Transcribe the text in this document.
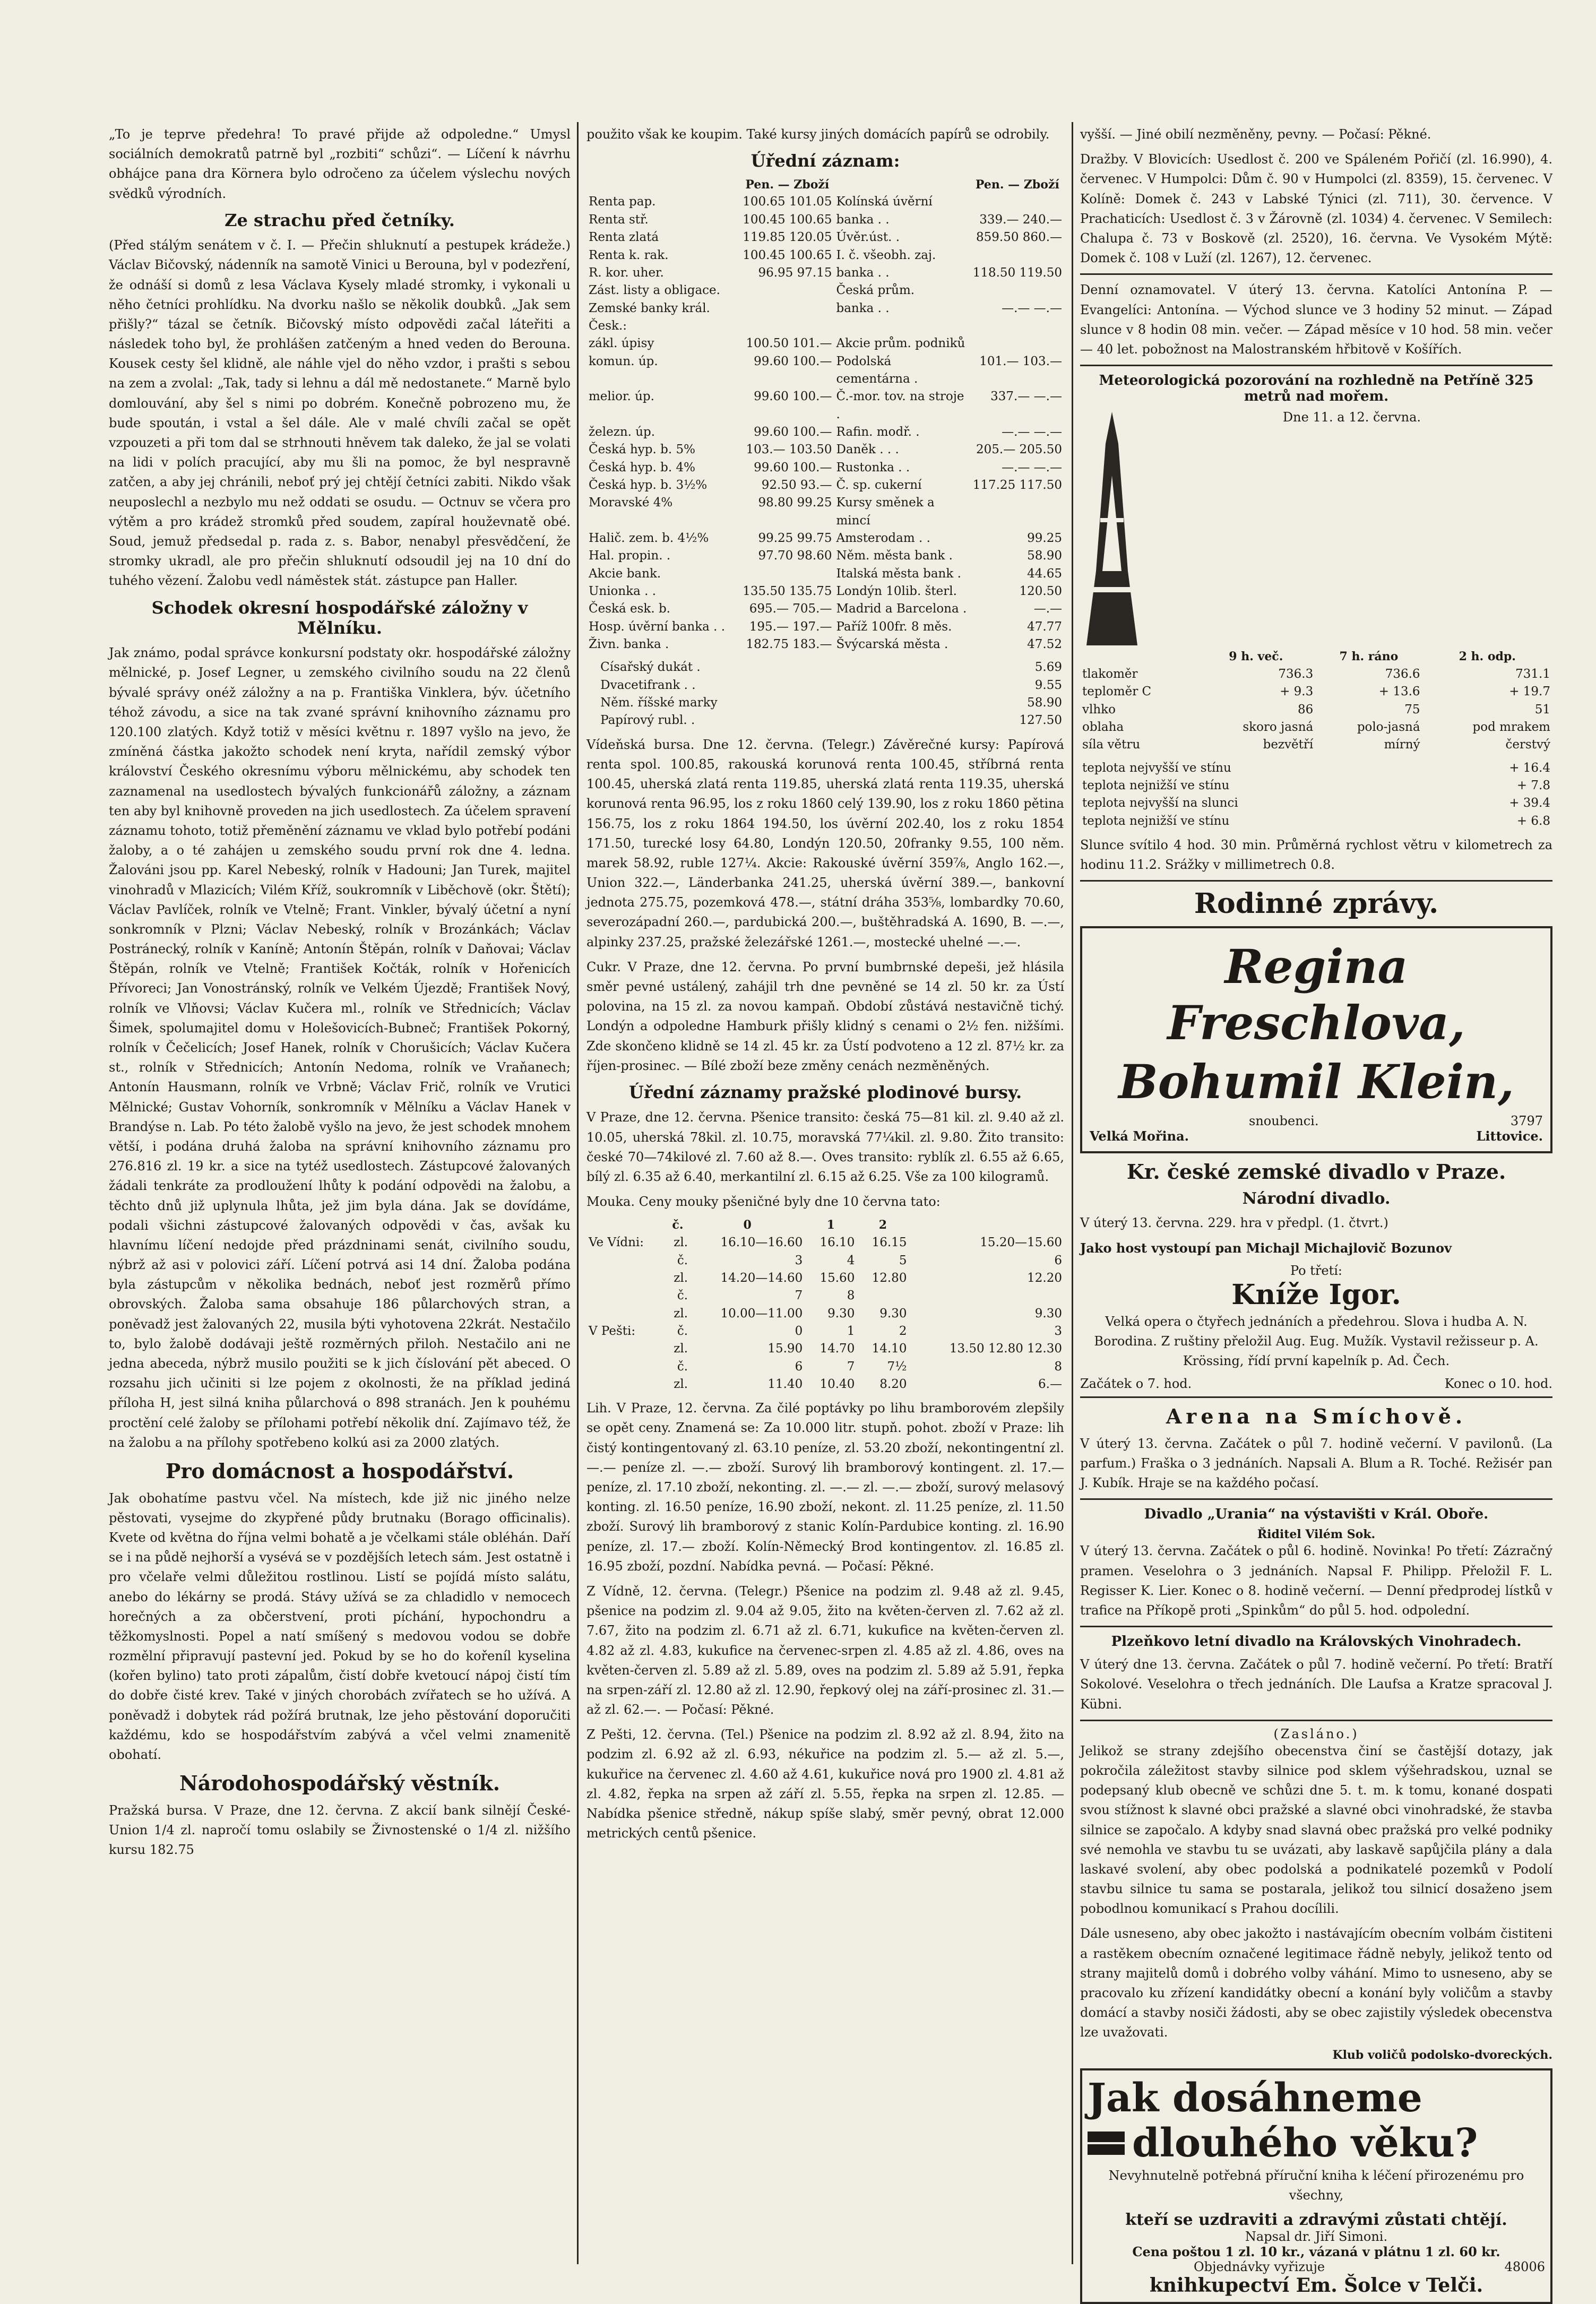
„To je teprve předehra! To pravé přijde až odpoledne.“ Umysl sociálních demokratů patrně byl „rozbiti“ schůzi“. — Líčení k návrhu obhájce pana dra Körnera bylo odročeno za účelem výslechu nových svědků výrodních.

Ze strachu před četníky.

(Před stálým senátem v č. I. — Přečin shluknutí a pestupek krádeže.) Václav Bičovský, nádenník na samotě Vinici u Berouna, byl v podezření, že odnáší si domů z lesa Václava Kysely mladé stromky, i vykonali u něho četníci prohlídku. Na dvorku našlo se několik doubků. „Jak sem přišly?“ tázal se četník. Bičovský místo odpovědi začal láteřiti a následek toho byl, že prohlášen zatčeným a hned veden do Berouna. Kousek cesty šel klidně, ale náhle vjel do něho vzdor, i prašti s sebou na zem a zvolal: „Tak, tady si lehnu a dál mě nedostanete.“ Marně bylo domlouvání, aby šel s nimi po dobrém. Konečně pobrozeno mu, že bude spoután, i vstal a šel dále. Ale v malé chvíli začal se opět vzpouzeti a při tom dal se strhnouti hněvem tak daleko, že jal se volati na lidi v polích pracující, aby mu šli na pomoc, že byl nespravně zatčen, a aby jej chránili, neboť prý jej chtějí četníci zabiti. Nikdo však neuposlechl a nezbylo mu než oddati se osudu. — Octnuv se včera pro výtěm a pro krádež stromků před soudem, zapíral houževnatě obé. Soud, jemuž předsedal p. rada z. s. Babor, nenabyl přesvědčení, že stromky ukradl, ale pro přečin shluknutí odsoudil jej na 10 dní do tuhého vězení. Žalobu vedl náměstek stát. zástupce pan Haller.

Schodek okresní hospodářské záložny v Mělníku.

Jak známo, podal správce konkursní podstaty okr. hospodářské záložny mělnické, p. Josef Legner, u zemského civilního soudu na 22 členů bývalé správy onéž záložny a na p. Františka Vinklera, býv. účetního téhož závodu, a sice na tak zvané správní knihovního záznamu pro 120.100 zlatých. Když totiž v měsíci květnu r. 1897 vyšlo na jevo, že zmíněná částka jakožto schodek není kryta, nařídil zemský výbor království Českého okresnímu výboru mělnickému, aby schodek ten zaznamenal na usedlostech bývalých funkcionářů záložny, a záznam ten aby byl knihovně proveden na jich usedlostech. Za účelem spravení záznamu tohoto, totiž přeměnění záznamu ve vklad bylo potřebí podáni žaloby, a o té zahájen u zemského soudu první rok dne 4. ledna. Žalováni jsou pp. Karel Nebeský, rolník v Hadouni; Jan Turek, majitel vinohradů v Mlazicích; Vilém Kříž, soukromník v Liběchově (okr. Štětí); Václav Pavlíček, rolník ve Vtelně; Frant. Vinkler, bývalý účetní a nyní sonkromník v Plzni; Václav Nebeský, rolník v Brozánkách; Václav Postránecký, rolník v Kaníně; Antonín Štěpán, rolník v Daňovai; Václav Štěpán, rolník ve Vtelně; František Kočták, rolník v Hořenicích Přívoreci; Jan Vonostránský, rolník ve Velkém Újezdě; František Nový, rolník ve Vlňovsi; Václav Kučera ml., rolník ve Střednicích; Václav Šimek, spolumajitel domu v Holešovicích-Bubneč; František Pokorný, rolník v Čečelicích; Josef Hanek, rolník v Chorušicích; Václav Kučera st., rolník v Střednicích; Antonín Nedoma, rolník ve Vraňanech; Antonín Hausmann, rolník ve Vrbně; Václav Frič, rolník ve Vrutici Mělnické; Gustav Vohorník, sonkromník v Mělníku a Václav Hanek v Brandýse n. Lab. Po této žalobě vyšlo na jevo, že jest schodek mnohem větší, i podána druhá žaloba na správní knihovního záznamu pro 276.816 zl. 19 kr. a sice na tytéž usedlostech. Zástupcové žalovaných žádali tenkráte za prodloužení lhůty k podání odpovědi na žalobu, a těchto dnů již uplynula lhůta, jež jim byla dána. Jak se dovídáme, podali všichni zástupcové žalovaných odpovědi v čas, avšak ku hlavnímu líčení nedojde před prázdninami senát, civilního soudu, nýbrž až asi v polovici září. Líčení potrvá asi 14 dní. Žaloba podána byla zástupcům v několika bednách, neboť jest rozměrů přímo obrovských. Žaloba sama obsahuje 186 půlarchových stran, a poněvadž jest žalovaných 22, musila býti vyhotovena 22krát. Nestačilo to, bylo žalobě dodávaji ještě rozměrných přiloh. Nestačilo ani ne jedna abeceda, nýbrž musilo použiti se k jich číslování pět abeced. O rozsahu jich učiniti si lze pojem z okolnosti, že na příklad jediná příloha H, jest silná kniha půlarchová o 898 stranách. Jen k pouhému proctění celé žaloby se přílohami potřebí několik dní. Zajímavo též, že na žalobu a na přílohy spotřebeno kolkú asi za 2000 zlatých.

Pro domácnost a hospodářství.

Jak obohatíme pastvu včel. Na místech, kde již nic jiného nelze pěstovati, vysejme do zkypřené půdy brutnaku (Borago officinalis). Kvete od května do října velmi bohatě a je včelkami stále obléhán. Daří se i na půdě nejhorší a vysévá se v pozdějších letech sám. Jest ostatně i pro včelaře velmi důležitou rostlinou. Listí se pojídá místo salátu, anebo do lékárny se prodá. Stávy užívá se za chladidlo v nemocech horečných a za občerstvení, proti píchání, hypochondru a těžkomyslnosti. Popel a natí smíšený s medovou vodou se dobře rozmělní připravují pastevní jed. Pokud by se ho do kořeníl kyselina (kořen bylino) tato proti zápalům, čistí dobře kvetoucí nápoj čistí tím do dobře čisté krev. Také v jiných chorobách zvířatech se ho užívá. A poněvadž i dobytek rád požírá brutnak, lze jeho pěstování doporučiti každému, kdo se hospodářstvím zabývá a včel velmi znamenitě obohatí.

Národohospodářský věstník.

Pražská bursa. V Praze, dne 12. června. Z akcií bank silnějí České-Union 1/4 zl. napročí tomu oslabily se Živnostenské o 1/4 zl. nižšího kursu 182.75

použito však ke koupim. Také kursy jiných domácích papírů se odrobily.

Úřední záznam:
	Pen. — Zboží		Pen. — Zboží
Renta pap.	100.65 101.05	Kolínská úvěrní	
Renta stř.	100.45 100.65	banka . .	339.— 240.—
Renta zlatá	119.85 120.05	Úvěr.úst. .	859.50 860.—
Renta k. rak.	100.45 100.65	I. č. všeobh. zaj.	
R. kor. uher.	96.95 97.15	banka . .	118.50 119.50
Zást. listy a obligace.		Česká prům.	
Zemské banky král. Česk.:		banka . .	—.— —.—
zákl. úpisy	100.50 101.—	Akcie prům. podniků	
komun. úp.	99.60 100.—	Podolská cementárna .	101.— 103.—
melior. úp.	99.60 100.—	Č.-mor. tov. na stroje .	337.— —.—
železn. úp.	99.60 100.—	Rafin. modř. .	—.— —.—
Česká hyp. b. 5%	103.— 103.50	Daněk . . .	205.— 205.50
Česká hyp. b. 4%	99.60 100.—	Rustonka . .	—.— —.—
Česká hyp. b. 3½%	92.50 93.—	Č. sp. cukerní	117.25 117.50
Moravské 4%	98.80 99.25	Kursy směnek a mincí	
Halič. zem. b. 4½%	99.25 99.75	Amsterodam . .	99.25
Hal. propin. .	97.70 98.60	Něm. města bank .	58.90
Akcie bank.		Italská města bank .	44.65
Unionka . .	135.50 135.75	Londýn 10lib. šterl.	120.50
Česká esk. b.	695.— 705.—	Madrid a Barcelona .	—.—
Hosp. úvěrní banka . .	195.— 197.—	Paříž 100fr. 8 měs.	47.77
Živn. banka .	182.75 183.—	Švýcarská města .	47.52
	Císařský dukát .	5.69
	Dvacetifrank . .	9.55
	Něm. říšské marky	58.90
	Papírový rubl. .	127.50

Vídeňská bursa. Dne 12. června. (Telegr.) Závěrečné kursy: Papírová renta spol. 100.85, rakouská korunová renta 100.45, stříbrná renta 100.45, uherská zlatá renta 119.85, uherská zlatá renta 119.35, uherská korunová renta 96.95, los z roku 1860 celý 139.90, los z roku 1860 pětina 156.75, los z roku 1864 194.50, los úvěrní 202.40, los z roku 1854 171.50, turecké losy 64.80, Londýn 120.50, 20franky 9.55, 100 něm. marek 58.92, ruble 127¼. Akcie: Rakouské úvěrní 359⅞, Anglo 162.—, Union 322.—, Länderbanka 241.25, uherská úvěrní 389.—, bankovní jednota 275.75, pozemková 478.—, státní dráha 353⅝, lombardky 70.60, severozápadní 260.—, pardubická 200.—, buštěhradská A. 1690, B. —.—, alpinky 237.25, pražské železářské 1261.—, mostecké uhelné —.—.

Cukr. V Praze, dne 12. června. Po první bumbrnské depeši, jež hlásila směr pevné ustálený, zahájil trh dne pevněné se 14 zl. 50 kr. za Ústí polovina, na 15 zl. za novou kampaň. Období zůstává nestavičně tichý. Londýn a odpoledne Hamburk přišly klidný s cenami o 2½ fen. nižšími. Zde skončeno klidně se 14 zl. 45 kr. za Ústí podvoteno a 12 zl. 87½ kr. za říjen-prosinec. — Bílé zboží beze změny cenách nezměněných.

Úřední záznamy pražské plodinové bursy.

V Praze, dne 12. června. Pšenice transito: česká 75—81 kil. zl. 9.40 až zl. 10.05, uherská 78kil. zl. 10.75, moravská 77¼kil. zl. 9.80. Žito transito: české 70—74kilové zl. 7.60 až 8.—. Oves transito: ryblík zl. 6.55 až 6.65, bílý zl. 6.35 až 6.40, merkantilní zl. 6.15 až 6.25. Vše za 100 kilogramů.

Mouka. Ceny mouky pšeničné byly dne 10 června tato:

	č.	0	1	2	
Ve Vídni:	zl.	16.10—16.60	16.10	16.15	15.20—15.60
	č.	3	4	5	6
	zl.	14.20—14.60	15.60	12.80	12.20
	č.	7	8		
	zl.	10.00—11.00	9.30	9.30	9.30
V Pešti:	č.	0	1	2	3
	zl.	15.90	14.70	14.10	13.50 12.80 12.30
	č.	6	7	7½	8
	zl.	11.40	10.40	8.20	6.—

Lih. V Praze, 12. června. Za čilé poptávky po lihu bramborovém zlepšily se opět ceny. Znamená se: Za 10.000 litr. stupň. pohot. zboží v Praze: lih čistý kontingentovaný zl. 63.10 peníze, zl. 53.20 zboží, nekontingentní zl. —.— peníze zl. —.— zboží. Surový lih bramborový kontingent. zl. 17.— peníze, zl. 17.10 zboží, nekonting. zl. —.— zl. —.— zboží, surový melasový konting. zl. 16.50 peníze, 16.90 zboží, nekont. zl. 11.25 peníze, zl. 11.50 zboží. Surový lih bramborový z stanic Kolín-Pardubice konting. zl. 16.90 peníze, zl. 17.— zboží. Kolín-Německý Brod kontingentov. zl. 16.85 zl. 16.95 zboží, pozdní. Nabídka pevná. — Počasí: Pěkné.

Z Vídně, 12. června. (Telegr.) Pšenice na podzim zl. 9.48 až zl. 9.45, pšenice na podzim zl. 9.04 až 9.05, žito na květen-červen zl. 7.62 až zl. 7.67, žito na podzim zl. 6.71 až zl. 6.71, kukufice na květen-červen zl. 4.82 až zl. 4.83, kukufice na červenec-srpen zl. 4.85 až zl. 4.86, oves na květen-červen zl. 5.89 až zl. 5.89, oves na podzim zl. 5.89 až 5.91, řepka na srpen-září zl. 12.80 až zl. 12.90, řepkový olej na září-prosinec zl. 31.— až zl. 62.—. — Počasí: Pěkné.

Z Pešti, 12. června. (Tel.) Pšenice na podzim zl. 8.92 až zl. 8.94, žito na podzim zl. 6.92 až zl. 6.93, nékuřice na podzim zl. 5.— až zl. 5.—, kukuřice na červenec zl. 4.60 až 4.61, kukuřice nová pro 1900 zl. 4.81 až zl. 4.82, řepka na srpen až září zl. 5.55, řepka na srpen zl. 12.85. — Nabídka pšenice středně, nákup spíše slabý, směr pevný, obrat 12.000 metrických centů pšenice.

vyšší. — Jiné obilí nezměněny, pevny. — Počasí: Pěkné.

Dražby. V Blovicích: Usedlost č. 200 ve Spáleném Pořičí (zl. 16.990), 4. červenec. V Humpolci: Dům č. 90 v Humpolci (zl. 8359), 15. červenec. V Kolíně: Domek č. 243 v Labské Týnici (zl. 711), 30. července. V Prachaticích: Usedlost č. 3 v Žárovně (zl. 1034) 4. červenec. V Semilech: Chalupa č. 73 v Boskově (zl. 2520), 16. června. Ve Vysokém Mýtě: Domek č. 108 v Luží (zl. 1267), 12. červenec.

Denní oznamovatel. V úterý 13. června. Katolíci Antonína P. — Evangelíci: Antonína. — Východ slunce ve 3 hodiny 52 minut. — Západ slunce v 8 hodin 08 min. večer. — Západ měsíce v 10 hod. 58 min. večer — 40 let. pobožnost na Malostranském hřbitově v Košířích.

Meteorologická pozorování na rozhledně na Petříně 325 metrů nad mořem.
Dne 11. a 12. června.
	9 h. več.	7 h. ráno	2 h. odp.
tlakoměr	736.3	736.6	731.1
teploměr C	+ 9.3	+ 13.6	+ 19.7
vlhko	86	75	51
oblaha	skoro jasná	polo-jasná	pod mrakem
síla větru	bezvětří	mírný	čerstvý
teplota nejvyšší ve stínu	+ 16.4
teplota nejnižší ve stínu	+ 7.8
teplota nejvyšší na slunci	+ 39.4
teplota nejnižší ve stínu	+ 6.8

Slunce svítilo 4 hod. 30 min. Průměrná rychlost větru v kilometrech za hodinu 11.2. Srážky v millimetrech 0.8.

Rodinné zprávy.
Regina Freschlova,
Bohumil Klein,
snoubenci.	3797
Velká Mořina.	Littovice.
Kr. české zemské divadlo v Praze.
Národní divadlo.

V úterý 13. června. 229. hra v předpl. (1. čtvrt.)

Jako host vystoupí pan Michajl Michajlovič Bozunov

Po třetí:
Kníže Igor.

Velká opera o čtyřech jednáních a předehrou. Slova i hudba A. N. Borodina. Z ruštiny přeložil Aug. Eug. Mužík. Vystavil režisseur p. A. Krössing, řídí první kapelník p. Ad. Čech.

Začátek o 7. hod.	Konec o 10. hod.
Arena na Smíchově.

V úterý 13. června. Začátek o půl 7. hodině večerní. V pavilonů. (La parfum.) Fraška o 3 jednáních. Napsali A. Blum a R. Toché. Režisér pan J. Kubík. Hraje se na každého počasí.

Divadlo „Urania“ na výstavišti v Král. Oboře.
Řiditel Vilém Sok.

V úterý 13. června. Začátek o půl 6. hodině. Novinka! Po třetí: Zázračný pramen. Veselohra o 3 jednáních. Napsal F. Philipp. Přeložil F. L. Regisser K. Lier. Konec o 8. hodině večerní. — Denní předprodej lístků v trafice na Příkopě proti „Spinkům“ do půl 5. hod. odpolední.

Plzeňkovo letní divadlo na Královských Vinohradech.

V úterý dne 13. června. Začátek o půl 7. hodině večerní. Po třetí: Bratří Sokolové. Veselohra o třech jednáních. Dle Laufsa a Kratze spracoval J. Kübni.

(Zasláno.)

Jelikož se strany zdejšího obecenstva činí se častější dotazy, jak pokročila záležitost stavby silnice pod sklem výšehradskou, uznal se podepsaný klub obecně ve schůzi dne 5. t. m. k tomu, konané dospati svou stížnost k slavné obci pražské a slavné obci vinohradské, že stavba silnice se započalo. A kdyby snad slavná obec pražská pro velké podniky své nemohla ve stavbu tu se uvázati, aby laskavě sapůjčila plány a dala laskavé svolení, aby obec podolská a podnikatelé pozemků v Podolí stavbu silnice tu sama se postarala, jelikož tou silnicí dosaženo jsem pobodlnou komunikací s Prahou docílili.

Dále usneseno, aby obec jakožto i nastávajícím obecním volbám čistiteni a rastěkem obecním označené legitimace řádně nebyly, jelikož tento od strany majitelů domů i dobrého volby váhání. Mimo to usneseno, aby se pracovalo ku zřízení kandidátky obecní a konání byly voličům a stavby domácí a stavby nosiči žádosti, aby se obec zajistily výsledek obecenstva lze uvažovati.

Klub voličů podolsko-dvoreckých.
Jak dosáhneme
dlouhého věku?

Nevyhnutelně potřebná příruční kniha k léčení přirozenému pro všechny,

kteří se uzdraviti a zdravými zůstati chtějí.
Napsal dr. Jiří Simoni.
Cena poštou 1 zl. 10 kr., vázaná v plátnu 1 zl. 60 kr.
Objednávky vyřizuje	48006
knihkupectví Em. Šolce v Telči.
